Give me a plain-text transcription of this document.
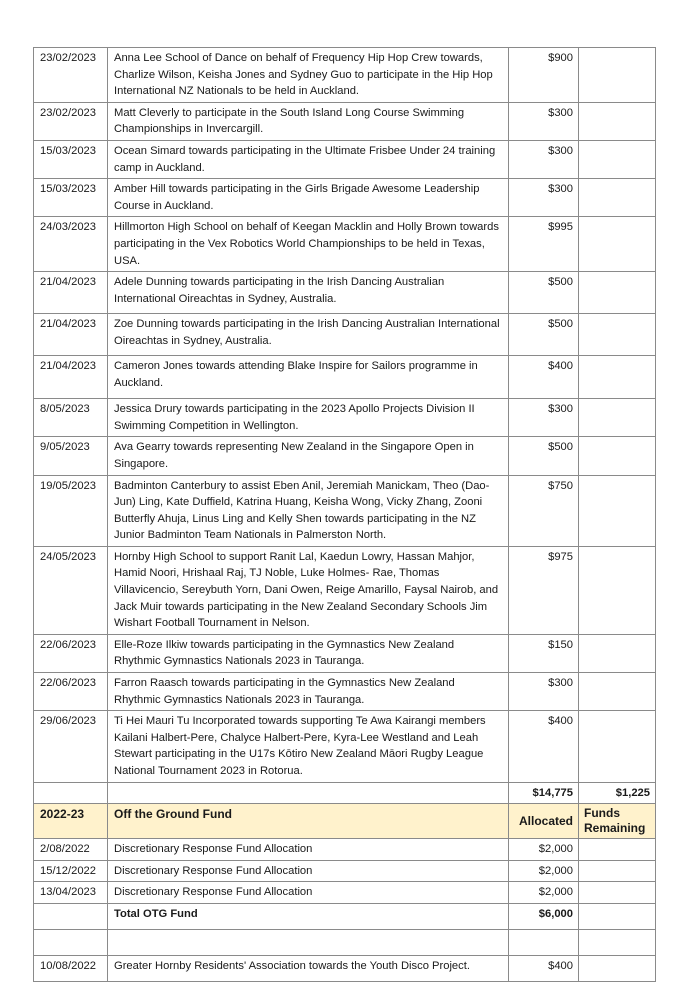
23/02/2023	Anna Lee School of Dance on behalf of Frequency Hip Hop Crew towards, Charlize Wilson, Keisha Jones and Sydney Guo to participate in the Hip Hop International NZ Nationals to be held in Auckland.	$900	
23/02/2023	Matt Cleverly to participate in the South Island Long Course Swimming Championships in Invercargill.	$300	
15/03/2023	Ocean Simard towards participating in the Ultimate Frisbee Under 24 training camp in Auckland.	$300	
15/03/2023	Amber Hill towards participating in the Girls Brigade Awesome Leadership Course in Auckland.	$300	
24/03/2023	Hillmorton High School on behalf of Keegan Macklin and Holly Brown towards participating in the Vex Robotics World Championships to be held in Texas, USA.	$995	
21/04/2023	Adele Dunning towards participating in the Irish Dancing Australian International Oireachtas in Sydney, Australia.	$500	
21/04/2023	Zoe Dunning towards participating in the Irish Dancing Australian International Oireachtas in Sydney, Australia.	$500	
21/04/2023	Cameron Jones towards attending Blake Inspire for Sailors programme in Auckland.	$400	
8/05/2023	Jessica Drury towards participating in the 2023 Apollo Projects Division II Swimming Competition in Wellington.	$300	
9/05/2023	Ava Gearry towards representing New Zealand in the Singapore Open in Singapore.	$500	
19/05/2023	Badminton Canterbury to assist Eben Anil, Jeremiah Manickam, Theo (Dao-Jun) Ling, Kate Duffield, Katrina Huang, Keisha Wong, Vicky Zhang, Zooni Butterfly Ahuja, Linus Ling and Kelly Shen towards participating in the NZ Junior Badminton Team Nationals in Palmerston North.	$750	
24/05/2023	Hornby High School to support Ranit Lal, Kaedun Lowry, Hassan Mahjor, Hamid Noori, Hrishaal Raj, TJ Noble, Luke Holmes- Rae, Thomas Villavicencio, Sereybuth Yorn, Dani Owen, Reige Amarillo, Faysal Nairob, and Jack Muir towards participating in the New Zealand Secondary Schools Jim Wishart Football Tournament in Nelson.	$975	
22/06/2023	Elle-Roze Ilkiw towards participating in the Gymnastics New Zealand Rhythmic Gymnastics Nationals 2023 in Tauranga.	$150	
22/06/2023	Farron Raasch towards participating in the Gymnastics New Zealand Rhythmic Gymnastics Nationals 2023 in Tauranga.	$300	
29/06/2023	Ti Hei Mauri Tu Incorporated towards supporting Te Awa Kairangi members Kailani Halbert-Pere, Chalyce Halbert-Pere, Kyra-Lee Westland and Leah Stewart participating in the U17s Kōtiro New Zealand Māori Rugby League National Tournament 2023 in Rotorua.	$400	
		$14,775	$1,225
2022-23	Off the Ground Fund	Allocated	Funds Remaining
2/08/2022	Discretionary Response Fund Allocation	$2,000	
15/12/2022	Discretionary Response Fund Allocation	$2,000	
13/04/2023	Discretionary Response Fund Allocation	$2,000	
	Total OTG Fund	$6,000	

10/08/2022	Greater Hornby Residents' Association towards the Youth Disco Project.	$400	
